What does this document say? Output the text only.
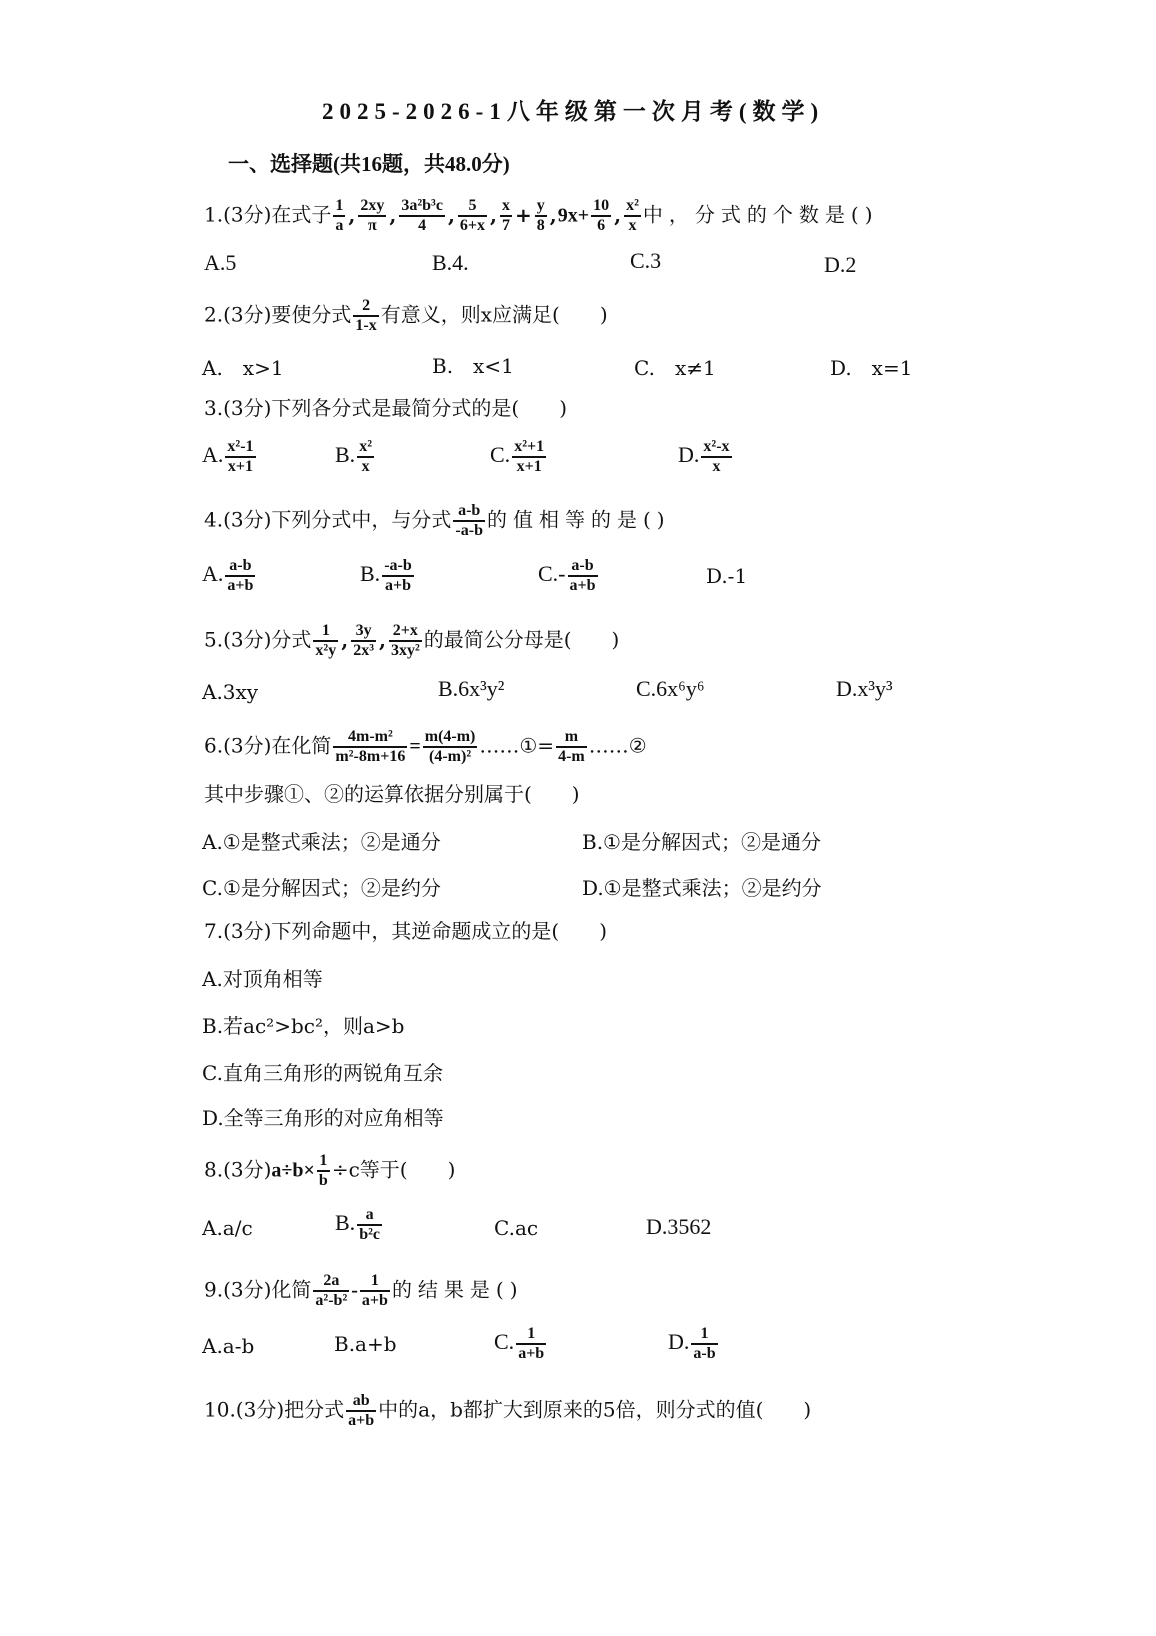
2025-2026-1八年级第一次月考(数学)
一、选择题(共16题，共48.0分)
1.(3分)在式子 $\frac{1}{a}$ , $\frac{2xy}{\pi}$ , $\frac{\text{3a²b³c}}{4}$ , $\frac{5}{6+x}$ , $\frac{x}{7} + \frac{y}{8} ,9x+ \frac{10}{6}$ , $\frac{\text{x²}}{x}$ 中，分式的个数是()
A.5	B.4.	C.3	D.2
2.(3分)要使分式 $\frac{2}{1-x}$ 有意义，则x应满足(　　)
A.　x>1	B.　x<1	C.　x≠1	D.　x=1
3.(3分)下列各分式是最简分式的是(　　)
A. $\frac{\text{x²-1}}{x+1}$	B. $\frac{\text{x²}}{x}$	C. $\frac{\text{x²+1}}{x+1}$	D. $\frac{\text{x²-x}}{x}$
4.(3分)下列分式中，与分式 $\frac{a-b}{-a-b}$ 的值相等的是()
A. $\frac{a-b}{a+b}$	B. $\frac{-a-b}{a+b}$	$C.- \frac{a-b}{a+b}$	D.-1
5.(3分)分式 $\frac{1}{\text{x²y}}$ , $\frac{3y}{\text{2x³}}$ , $\frac{2+x}{\text{3xy²}}$ 的最简公分母是(　　)
A.3xy	B.6x³y²	C.6x⁶y⁶	D.x³y³
6.(3分)在化简 $\frac{\text{4m-m²}}{\text{m²-8m+16}} = \frac{m(4-m)}{\text{(4-m)²}}$ ……①= $\frac{m}{4-m}$ ……②
其中步骤①、②的运算依据分别属于(　　)
A.①是整式乘法；②是通分	B.①是分解因式；②是通分
C.①是分解因式；②是约分	D.①是整式乘法；②是约分
7.(3分)下列命题中，其逆命题成立的是(　　)
A.对顶角相等
B.若ac²>bc²，则a>b
C.直角三角形的两锐角互余
D.全等三角形的对应角相等
8.(3分)$a\div b\times \frac{1}{b} \div c$等于(　　)
A.a/c	B. $\frac{a}{\text{b²c}}$	C.ac	D.3562
9.(3分)化简 $\frac{2a}{\text{a²-b²}} - \frac{1}{a+b}$ 的结果是()
A.a-b	B.a+b	C. $\frac{1}{a+b}$	D. $\frac{1}{a-b}$
10.(3分)把分式 $\frac{ab}{a+b}$ 中的a，b都扩大到原来的5倍，则分式的值(　　)
